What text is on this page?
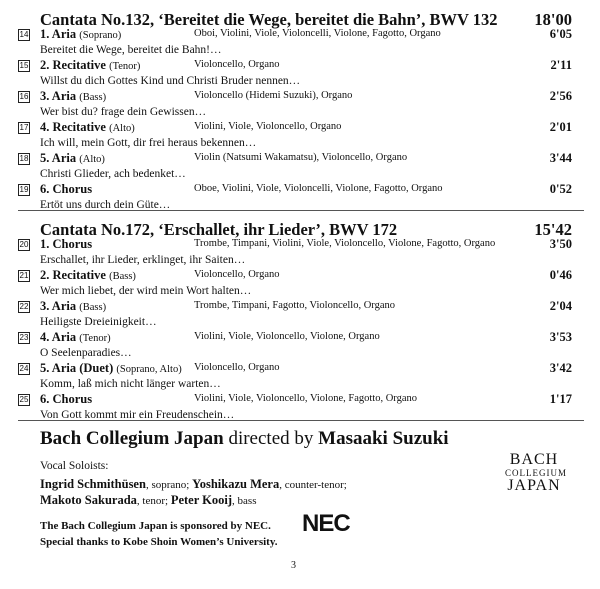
Cantata No.132, ‘Bereitet die Wege, bereitet die Bahn’, BWV 132 18'00
14 1. Aria (Soprano)	Oboi, Violini, Viole, Violoncelli, Violone, Fagotto, Organo	6'05
Bereitet die Wege, bereitet die Bahn!…
15 2. Recitative (Tenor)	Violoncello, Organo	2'11
Willst du dich Gottes Kind und Christi Bruder nennen…
16 3. Aria (Bass)	Violoncello (Hidemi Suzuki), Organo	2'56
Wer bist du? frage dein Gewissen…
17 4. Recitative (Alto)	Violini, Viole, Violoncello, Organo	2'01
Ich will, mein Gott, dir frei heraus bekennen…
18 5. Aria (Alto)	Violin (Natsumi Wakamatsu), Violoncello, Organo	3'44
Christi Glieder, ach bedenket…
19 6. Chorus	Oboe, Violini, Viole, Violoncelli, Violone, Fagotto, Organo	0'52
Ertöt uns durch dein Güte…
Cantata No.172, ‘Erschallet, ihr Lieder’, BWV 172	15'42
20 1. Chorus	Trombe, Timpani, Violini, Viole, Violoncello, Violone, Fagotto, Organo	3'50
Erschallet, ihr Lieder, erklinget, ihr Saiten…
21 2. Recitative (Bass)	Violoncello, Organo	0'46
Wer mich liebet, der wird mein Wort halten…
22 3. Aria (Bass)	Trombe, Timpani, Fagotto, Violoncello, Organo	2'04
Heiligste Dreieinigkeit…
23 4. Aria (Tenor)	Violini, Viole, Violoncello, Violone, Organo	3'53
O Seelenparadies…
24 5. Aria (Duet) (Soprano, Alto) Violoncello, Organo	3'42
Komm, laß mich nicht länger warten…
25 6. Chorus	Violini, Viole, Violoncello, Violone, Fagotto, Organo	1'17
Von Gott kommt mir ein Freudenschein…
Bach Collegium Japan directed by Masaaki Suzuki
Vocal Soloists:
Ingrid Schmithüsen, soprano; Yoshikazu Mera, counter-tenor;
Makoto Sakurada, tenor; Peter Kooij, bass
BACH
COLLEGIUM
JAPAN
The Bach Collegium Japan is sponsored by NEC.
Special thanks to Kobe Shoin Women’s University.
NEC
3
